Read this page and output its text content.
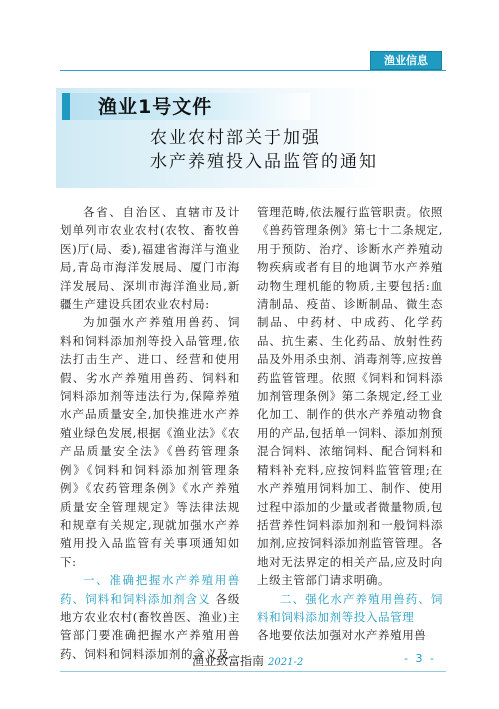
渔业信息
渔业1号文件
农业农村部关于加强
水产养殖投入品监管的通知

各省、自治区、直辖市及计划单列市农业农村(农牧、畜牧兽医)厅(局、委),福建省海洋与渔业局,青岛市海洋发展局、厦门市海洋发展局、深圳市海洋渔业局,新疆生产建设兵团农业农村局:

为加强水产养殖用兽药、饲料和饲料添加剂等投入品管理,依法打击生产、进口、经营和使用假、劣水产养殖用兽药、饲料和饲料添加剂等违法行为,保障养殖水产品质量安全,加快推进水产养殖业绿色发展,根据《渔业法》《农产品质量安全法》《兽药管理条例》《饲料和饲料添加剂管理条例》《农药管理条例》《水产养殖质量安全管理规定》等法律法规和规章有关规定,现就加强水产养殖用投入品监管有关事项通知如下:

一、准确把握水产养殖用兽药、饲料和饲料添加剂含义 各级地方农业农村(畜牧兽医、渔业)主管部门要准确把握水产养殖用兽药、饲料和饲料添加剂的含义及

管理范畴,依法履行监管职责。依照《兽药管理条例》第七十二条规定,用于预防、治疗、诊断水产养殖动物疾病或者有目的地调节水产养殖动物生理机能的物质,主要包括:血清制品、疫苗、诊断制品、微生态制品、中药材、中成药、化学药品、抗生素、生化药品、放射性药品及外用杀虫剂、消毒剂等,应按兽药监管管理。依照《饲料和饲料添加剂管理条例》第二条规定,经工业化加工、制作的供水产养殖动物食用的产品,包括单一饲料、添加剂预混合饲料、浓缩饲料、配合饲料和精料补充料,应按饲料监管管理;在水产养殖用饲料加工、制作、使用过程中添加的少量或者微量物质,包括营养性饲料添加剂和一般饲料添加剂,应按饲料添加剂监管管理。各地对无法界定的相关产品,应及时向上级主管部门请求明确。

二、强化水产养殖用兽药、饲料和饲料添加剂等投入品管理

各地要依法加强对水产养殖用兽

渔业致富指南 2021-2	- 3 -
